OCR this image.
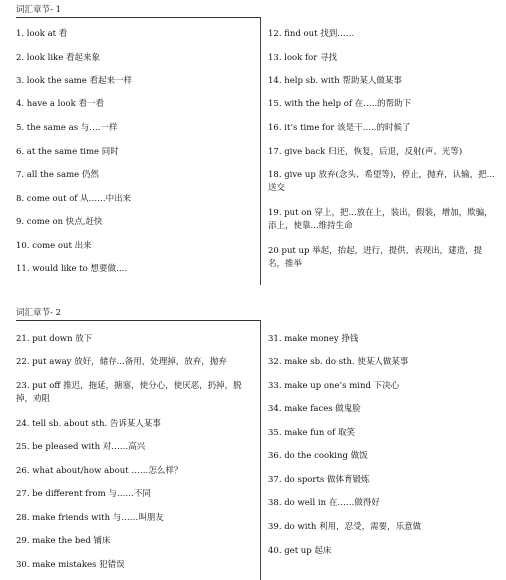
词汇章节- 1
1. look at 看
2. look like 看起来象
3. look the same 看起来一样
4. have a look 看一看
5. the same as 与….一样
6. at the same time 同时
7. all the same 仍然
8. come out of 从……中出来
9. come on 快点,赶快
10. come out 出来
11. would like to 想要做….
12. find out 找到……
13. look for 寻找
14. help sb. with 帮助某人做某事
15. with the help of 在…..的帮助下
16. it’s time for 该是干…..的时候了
17. give back 归还，恢复，后退，反射(声、光等)
18. give up 放弃(念头、希望等)，停止，抛弃，认输，把...送交
19. put on 穿上，把...放在上，装出，假装，增加，欺骗，添上，使靠...维持生命
20 put up 举起，抬起，进行，提供，表现出，建造，提名，推举
词汇章节- 2
21. put down 放下
22. put away 放好，储存...备用，处理掉，放弃，抛弃
23. put off 推迟，拖延，搪塞，使分心，使厌恶，扔掉，脱掉，劝阻
24. tell sb. about sth. 告诉某人某事
25. be pleased with 对……高兴
26. what about/how about ……怎么样？
27. be different from 与……不同
28. make friends with 与……叫朋友
29. make the bed 铺床
30. make mistakes 犯错误
31. make money 挣钱
32. make sb. do sth. 使某人做某事
33. make up one’s mind 下决心
34. make faces 做鬼脸
35. make fun of 取笑
36. do the cooking 做饭
37. do sports 做体育锻炼
38. do well in 在……做得好
39. do with 利用，忍受，需要，乐意做
40. get up 起床
